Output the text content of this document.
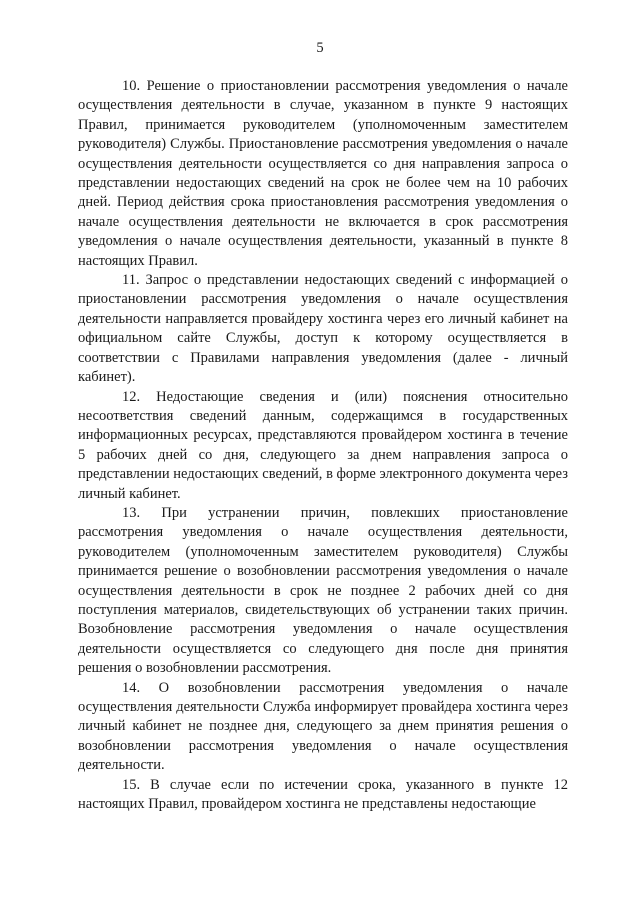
5

10. Решение о приостановлении рассмотрения уведомления о начале осуществления деятельности в случае, указанном в пункте 9 настоящих Правил, принимается руководителем (уполномоченным заместителем руководителя) Службы. Приостановление рассмотрения уведомления о начале осуществления деятельности осуществляется со дня направления запроса о представлении недостающих сведений на срок не более чем на 10 рабочих дней. Период действия срока приостановления рассмотрения уведомления о начале осуществления деятельности не включается в срок рассмотрения уведомления о начале осуществления деятельности, указанный в пункте 8 настоящих Правил.

11. Запрос о представлении недостающих сведений с информацией о приостановлении рассмотрения уведомления о начале осуществления деятельности направляется провайдеру хостинга через его личный кабинет на официальном сайте Службы, доступ к которому осуществляется в соответствии с Правилами направления уведомления (далее - личный кабинет).

12. Недостающие сведения и (или) пояснения относительно несоответствия сведений данным, содержащимся в государственных информационных ресурсах, представляются провайдером хостинга в течение 5 рабочих дней со дня, следующего за днем направления запроса о представлении недостающих сведений, в форме электронного документа через личный кабинет.

13. При устранении причин, повлекших приостановление рассмотрения уведомления о начале осуществления деятельности, руководителем (уполномоченным заместителем руководителя) Службы принимается решение о возобновлении рассмотрения уведомления о начале осуществления деятельности в срок не позднее 2 рабочих дней со дня поступления материалов, свидетельствующих об устранении таких причин. Возобновление рассмотрения уведомления о начале осуществления деятельности осуществляется со следующего дня после дня принятия решения о возобновлении рассмотрения.

14. О возобновлении рассмотрения уведомления о начале осуществления деятельности Служба информирует провайдера хостинга через личный кабинет не позднее дня, следующего за днем принятия решения о возобновлении рассмотрения уведомления о начале осуществления деятельности.

15. В случае если по истечении срока, указанного в пункте 12 настоящих Правил, провайдером хостинга не представлены недостающие
